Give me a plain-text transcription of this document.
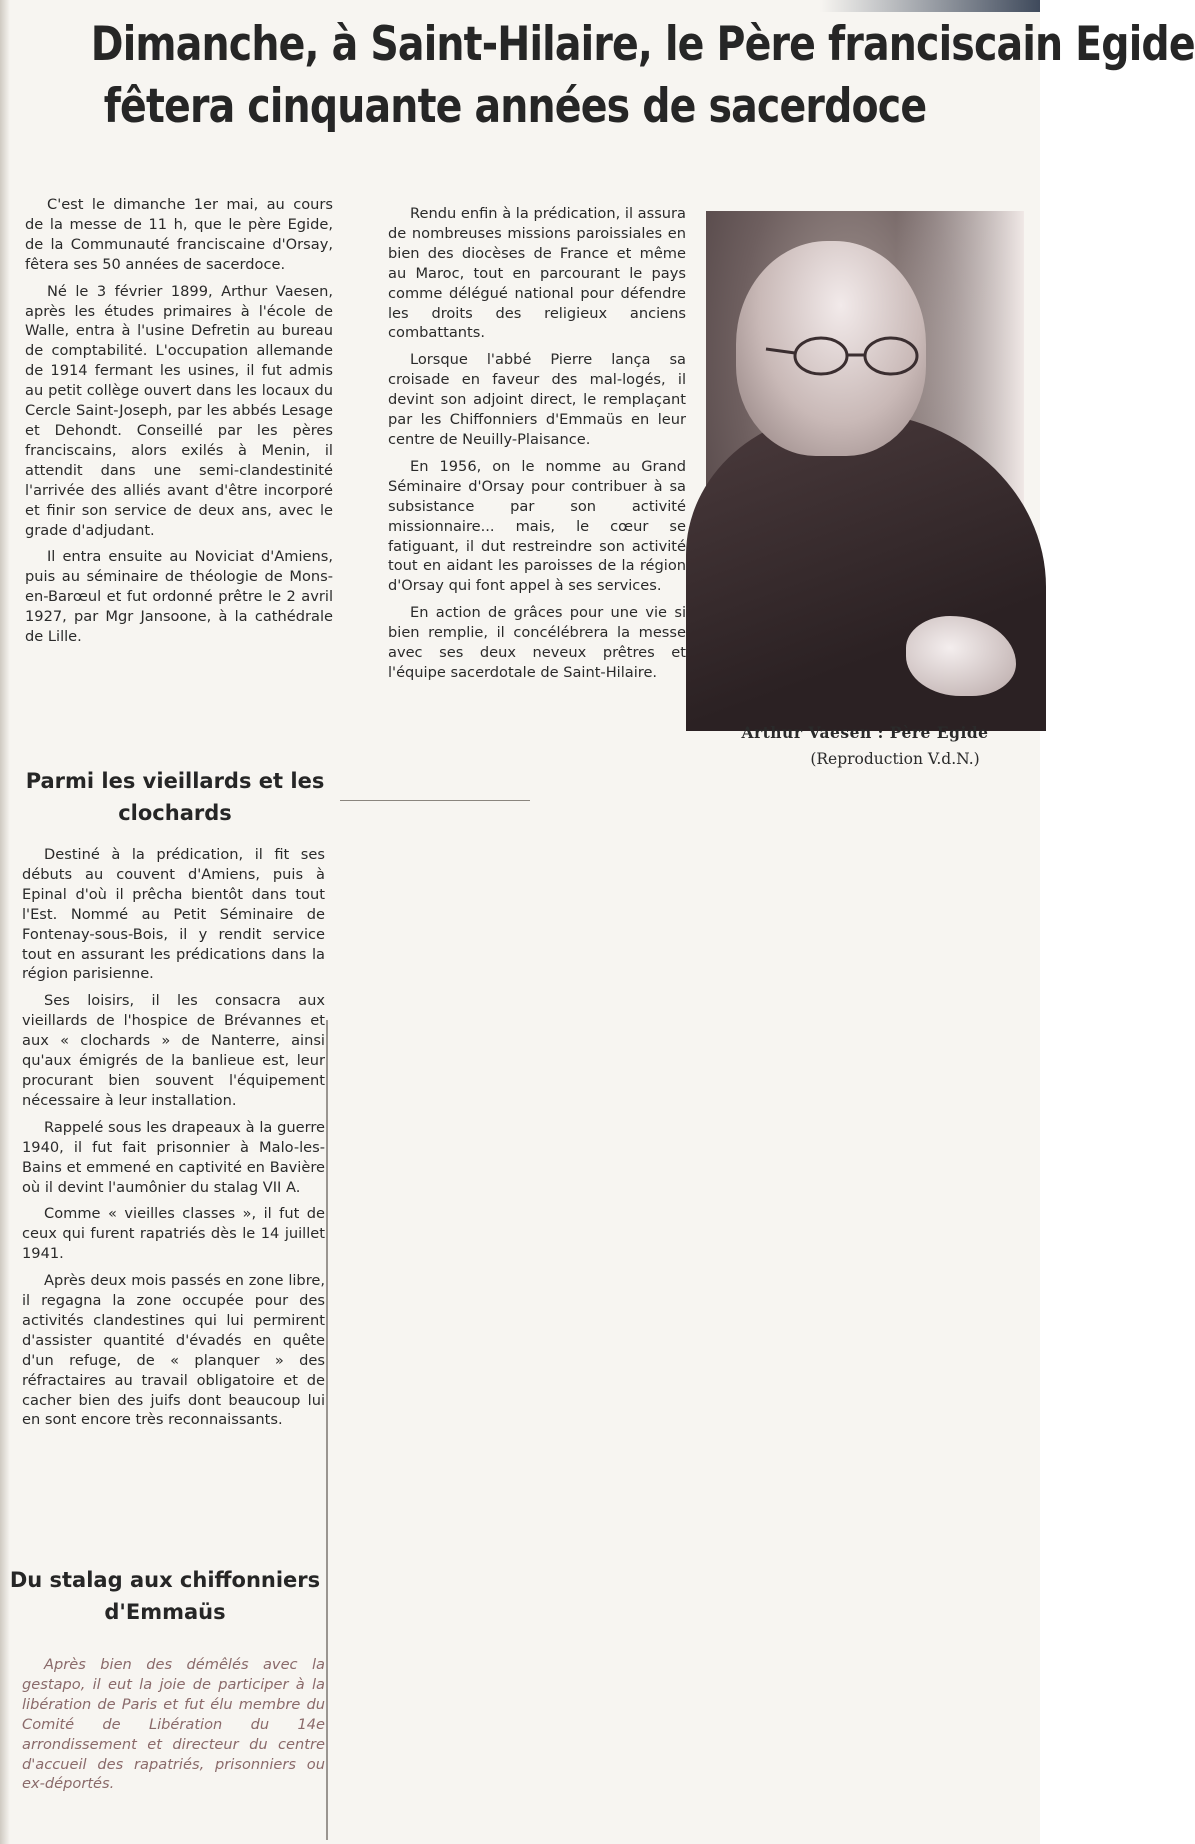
Dimanche, à Saint-Hilaire, le Père franciscain Egide
fêtera cinquante années de sacerdoce

C'est le dimanche 1er mai, au cours de la messe de 11 h, que le père Egide, de la Communauté franciscaine d'Orsay, fêtera ses 50 années de sacerdoce.

Né le 3 février 1899, Arthur Vaesen, après les études primaires à l'école de Walle, entra à l'usine Defretin au bureau de comptabilité. L'occupation allemande de 1914 fermant les usines, il fut admis au petit collège ouvert dans les locaux du Cercle Saint-Joseph, par les abbés Lesage et Dehondt. Conseillé par les pères franciscains, alors exilés à Menin, il attendit dans une semi-clandestinité l'arrivée des alliés avant d'être incorporé et finir son service de deux ans, avec le grade d'adjudant.

Il entra ensuite au Noviciat d'Amiens, puis au séminaire de théologie de Mons-en-Barœul et fut ordonné prêtre le 2 avril 1927, par Mgr Jansoone, à la cathédrale de Lille.

Parmi les vieillards et les clochards

Destiné à la prédication, il fit ses débuts au couvent d'Amiens, puis à Epinal d'où il prêcha bientôt dans tout l'Est. Nommé au Petit Séminaire de Fontenay-sous-Bois, il y rendit service tout en assurant les prédications dans la région parisienne.

Ses loisirs, il les consacra aux vieillards de l'hospice de Brévannes et aux « clochards » de Nanterre, ainsi qu'aux émigrés de la banlieue est, leur procurant bien souvent l'équipement nécessaire à leur installation.

Rappelé sous les drapeaux à la guerre 1940, il fut fait prisonnier à Malo-les-Bains et emmené en captivité en Bavière où il devint l'aumônier du stalag VII A.

Comme « vieilles classes », il fut de ceux qui furent rapatriés dès le 14 juillet 1941.

Après deux mois passés en zone libre, il regagna la zone occupée pour des activités clandestines qui lui permirent d'assister quantité d'évadés en quête d'un refuge, de « planquer » des réfractaires au travail obligatoire et de cacher bien des juifs dont beaucoup lui en sont encore très reconnaissants.

Du stalag aux chiffonniers d'Emmaüs

Après bien des démêlés avec la gestapo, il eut la joie de participer à la libération de Paris et fut élu membre du Comité de Libération du 14e arrondissement et directeur du centre d'accueil des rapatriés, prisonniers ou ex-déportés.

Rendu enfin à la prédication, il assura de nombreuses missions paroissiales en bien des diocèses de France et même au Maroc, tout en parcourant le pays comme délégué national pour défendre les droits des religieux anciens combattants.

Lorsque l'abbé Pierre lança sa croisade en faveur des mal-logés, il devint son adjoint direct, le remplaçant par les Chiffonniers d'Emmaüs en leur centre de Neuilly-Plaisance.

En 1956, on le nomme au Grand Séminaire d'Orsay pour contribuer à sa subsistance par son activité missionnaire... mais, le cœur se fatiguant, il dut restreindre son activité tout en aidant les paroisses de la région d'Orsay qui font appel à ses services.

En action de grâces pour une vie si bien remplie, il concélébrera la messe avec ses deux neveux prêtres et l'équipe sacerdotale de Saint-Hilaire.

Arthur Vaesen : Père Egide
(Reproduction V.d.N.)
